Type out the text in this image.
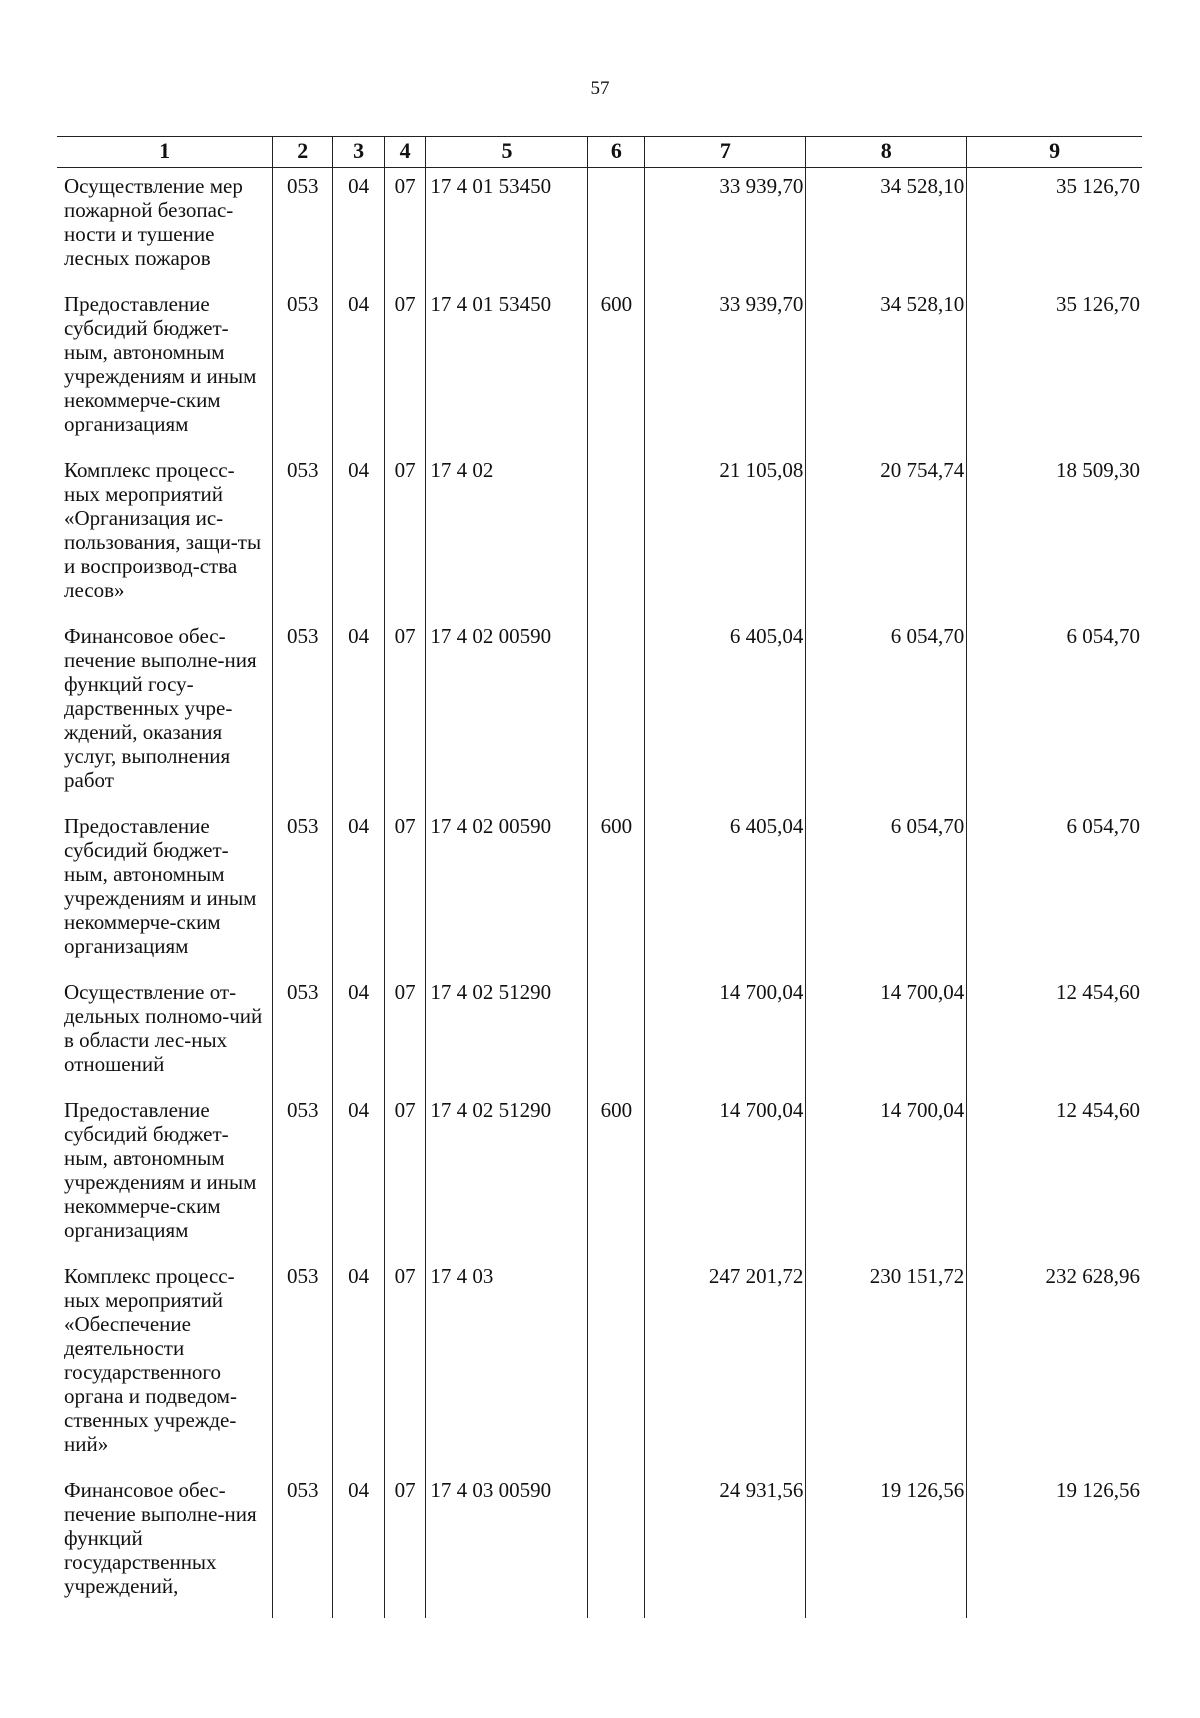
57
1	2	3	4	5	6	7	8	9

Осуществление мер пожарной безопас-ности и тушение лесных пожаров	053	04	07	17 4 01 53450		33 939,70	34 528,10	35 126,70

Предоставление субсидий бюджет-ным, автономным учреждениям и иным некоммерче-ским организациям	053	04	07	17 4 01 53450	600	33 939,70	34 528,10	35 126,70

Комплекс процесс-ных мероприятий «Организация ис-пользования, защи-ты и воспроизвод-ства лесов»	053	04	07	17 4 02		21 105,08	20 754,74	18 509,30

Финансовое обес-печение выполне-ния функций госу-дарственных учре-ждений, оказания услуг, выполнения работ	053	04	07	17 4 02 00590		6 405,04	6 054,70	6 054,70

Предоставление субсидий бюджет-ным, автономным учреждениям и иным некоммерче-ским организациям	053	04	07	17 4 02 00590	600	6 405,04	6 054,70	6 054,70

Осуществление от-дельных полномо-чий в области лес-ных отношений	053	04	07	17 4 02 51290		14 700,04	14 700,04	12 454,60

Предоставление субсидий бюджет-ным, автономным учреждениям и иным некоммерче-ским организациям	053	04	07	17 4 02 51290	600	14 700,04	14 700,04	12 454,60

Комплекс процесс-ных мероприятий «Обеспечение деятельности государственного органа и подведом-ственных учрежде-ний»	053	04	07	17 4 03		247 201,72	230 151,72	232 628,96

Финансовое обес-печение выполне-ния функций государственных учреждений,	053	04	07	17 4 03 00590		24 931,56	19 126,56	19 126,56
